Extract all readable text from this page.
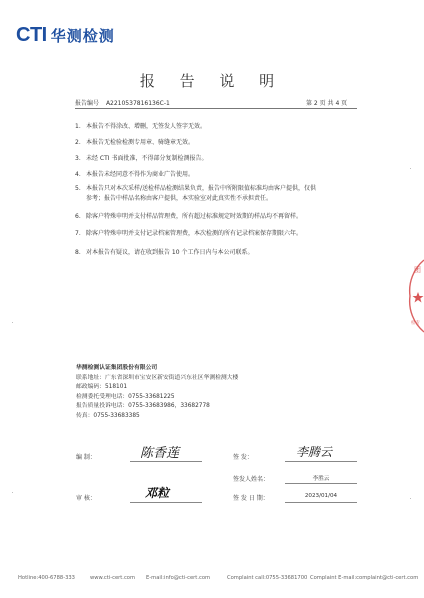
CTI 华测检测
报 告 说 明
报告编号 A2210537816136C-1	第 2 页 共 4 页
1. 本报告不得涂改、增删，无签发人签字无效。
2. 本报告无检验检测专用章、骑缝章无效。
3. 未经 CTI 书面批准，不得部分复制检测报告。
4. 本报告未经同意不得作为商业广告使用。
5. 本报告只对本次采样/送检样品检测结果负责，报告中所附限值标准均由客户提供，仅供
参考；报告中样品名称由客户提供，本实验室对此真实性不承担责任。
6. 除客户特殊申明并支付样品管理费，所有超过标准规定时效期的样品均不再留样。
7. 除客户特殊申明并支付记录档案管理费，本次检测的所有记录档案保存期限六年。
8. 对本报告有疑议，请在收到报告 10 个工作日内与本公司联系。
华测检测认证集团股份有限公司
联系地址：广东省深圳市宝安区新安街道兴东社区华测检测大楼
邮政编码：518101
检测委托受理电话：0755-33681225
报告质量投诉电话：0755-33683986，33682778
传真：0755-33683385
编 制：	陈香莲	签 发：	李腾云
签发人姓名：	李胜云
审 核：	邓粒	签 发 日 期：	2023/01/04
团
检专
Hotline:400-6788-333	www.cti-cert.com E-mail:info@cti-cert.com	Complaint call:0755-33681700 Complaint E-mail:complaint@cti-cert.com
